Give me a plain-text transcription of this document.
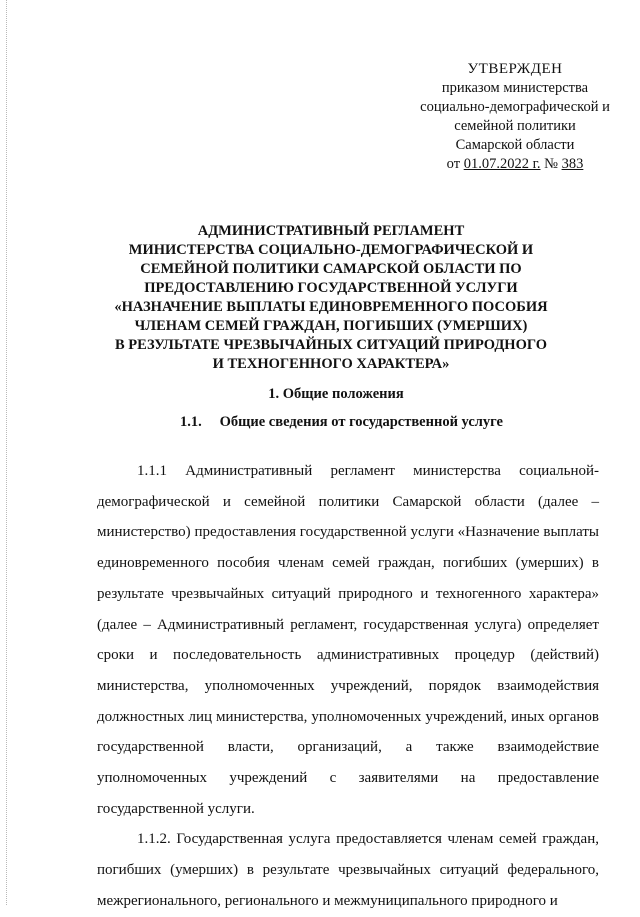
УТВЕРЖДЕН
приказом министерства
социально-демографической и
семейной политики
Самарской области
от 01.07.2022 г. № 383
АДМИНИСТРАТИВНЫЙ РЕГЛАМЕНТ
МИНИСТЕРСТВА СОЦИАЛЬНО-ДЕМОГРАФИЧЕСКОЙ И
СЕМЕЙНОЙ ПОЛИТИКИ САМАРСКОЙ ОБЛАСТИ ПО
ПРЕДОСТАВЛЕНИЮ ГОСУДАРСТВЕННОЙ УСЛУГИ
«НАЗНАЧЕНИЕ ВЫПЛАТЫ ЕДИНОВРЕМЕННОГО ПОСОБИЯ
ЧЛЕНАМ СЕМЕЙ ГРАЖДАН, ПОГИБШИХ (УМЕРШИХ)
В РЕЗУЛЬТАТЕ ЧРЕЗВЫЧАЙНЫХ СИТУАЦИЙ ПРИРОДНОГО
И ТЕХНОГЕННОГО ХАРАКТЕРА»
1. Общие положения
1.1. Общие сведения от государственной услуге

1.1.1 Административный регламент министерства социальной-демографической и семейной политики Самарской области (далее – министерство) предоставления государственной услуги «Назначение выплаты единовременного пособия членам семей граждан, погибших (умерших) в результате чрезвычайных ситуаций природного и техногенного характера» (далее – Административный регламент, государственная услуга) определяет сроки и последовательность административных процедур (действий) министерства, уполномоченных учреждений, порядок взаимодействия должностных лиц министерства, уполномоченных учреждений, иных органов государственной власти, организаций, а также взаимодействие уполномоченных учреждений с заявителями на предоставление государственной услуги.

1.1.2. Государственная услуга предоставляется членам семей граждан, погибших (умерших) в результате чрезвычайных ситуаций федерального, межрегионального, регионального и межмуниципального природного и
